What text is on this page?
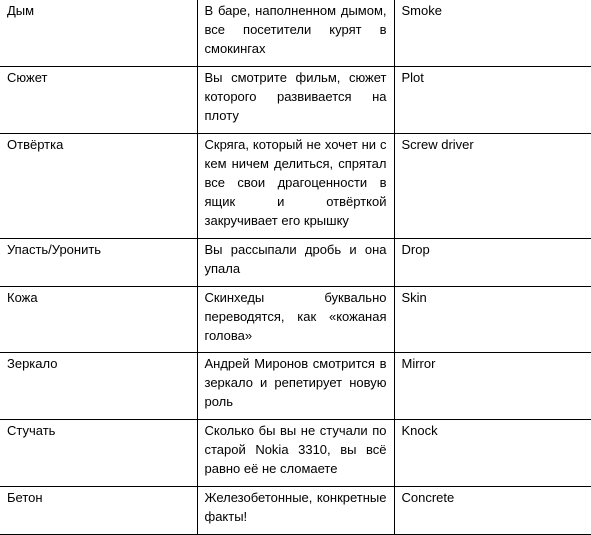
Дым	В баре, наполненном дымом, все посетители курят в смокингах	Smoke
Сюжет	Вы смотрите фильм, сюжет которого развивается на плоту	Plot
Отвёртка	Скряга, который не хочет ни с кем ничем делиться, спрятал все свои драгоценности в ящик и отвёрткой закручивает его крышку	Screw driver
Упасть/Уронить	Вы рассыпали дробь и она упала	Drop
Кожа	Скинхеды буквально переводятся, как «кожаная голова»	Skin
Зеркало	Андрей Миронов смотрится в зеркало и репетирует новую роль	Mirror
Стучать	Сколько бы вы не стучали по старой Nokia 3310, вы всё равно её не сломаете	Knock
Бетон	Железобетонные, конкретные факты!	Concrete
